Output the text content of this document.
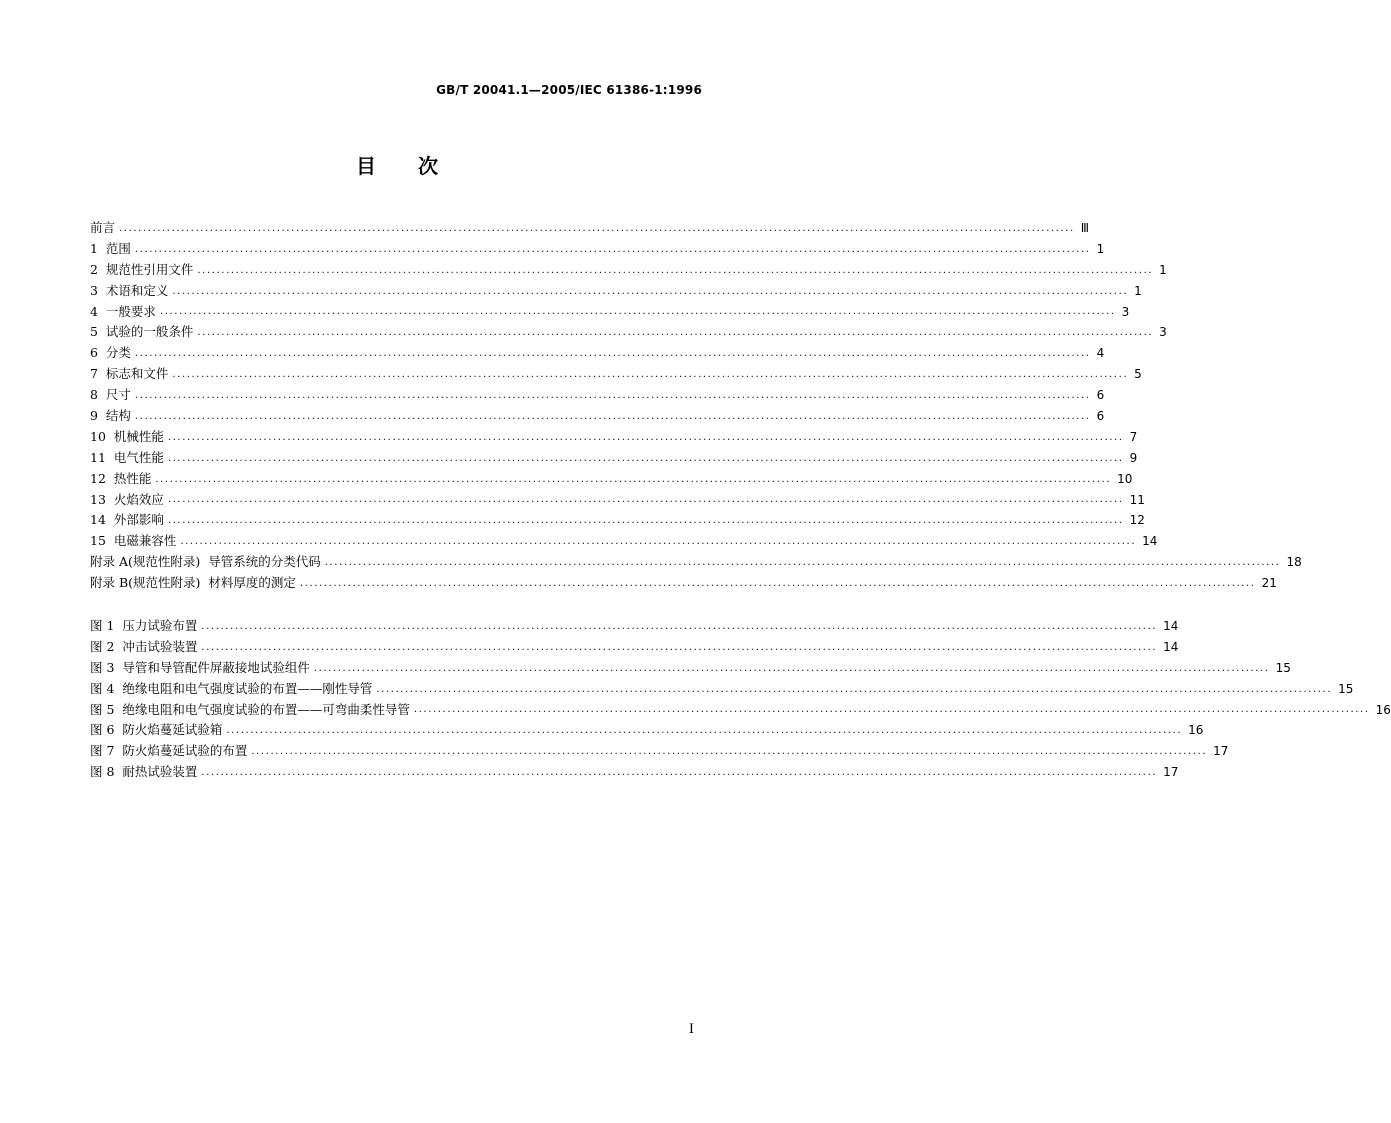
GB/T 20041.1—2005/IEC 61386-1:1996
目 次
前言 ........................................................................................................................................................................................................ Ⅲ
1  范围 ........................................................................................................................................................................................................ 1
2  规范性引用文件 ........................................................................................................................................................................................................ 1
3  术语和定义 ........................................................................................................................................................................................................ 1
4  一般要求 ........................................................................................................................................................................................................ 3
5  试验的一般条件 ........................................................................................................................................................................................................ 3
6  分类 ........................................................................................................................................................................................................ 4
7  标志和文件 ........................................................................................................................................................................................................ 5
8  尺寸 ........................................................................................................................................................................................................ 6
9  结构 ........................................................................................................................................................................................................ 6
10  机械性能 ........................................................................................................................................................................................................ 7
11  电气性能 ........................................................................................................................................................................................................ 9
12  热性能 ........................................................................................................................................................................................................ 10
13  火焰效应 ........................................................................................................................................................................................................ 11
14  外部影响 ........................................................................................................................................................................................................ 12
15  电磁兼容性 ........................................................................................................................................................................................................ 14
附录 A(规范性附录)  导管系统的分类代码 ........................................................................................................................................................................................................ 18
附录 B(规范性附录)  材料厚度的测定 ........................................................................................................................................................................................................ 21
图 1  压力试验布置 ........................................................................................................................................................................................................ 14
图 2  冲击试验装置 ........................................................................................................................................................................................................ 14
图 3  导管和导管配件屏蔽接地试验组件 ........................................................................................................................................................................................................ 15
图 4  绝缘电阻和电气强度试验的布置——刚性导管 ........................................................................................................................................................................................................ 15
图 5  绝缘电阻和电气强度试验的布置——可弯曲柔性导管 ........................................................................................................................................................................................................ 16
图 6  防火焰蔓延试验箱 ........................................................................................................................................................................................................ 16
图 7  防火焰蔓延试验的布置 ........................................................................................................................................................................................................ 17
图 8  耐热试验装置 ........................................................................................................................................................................................................ 17
I
